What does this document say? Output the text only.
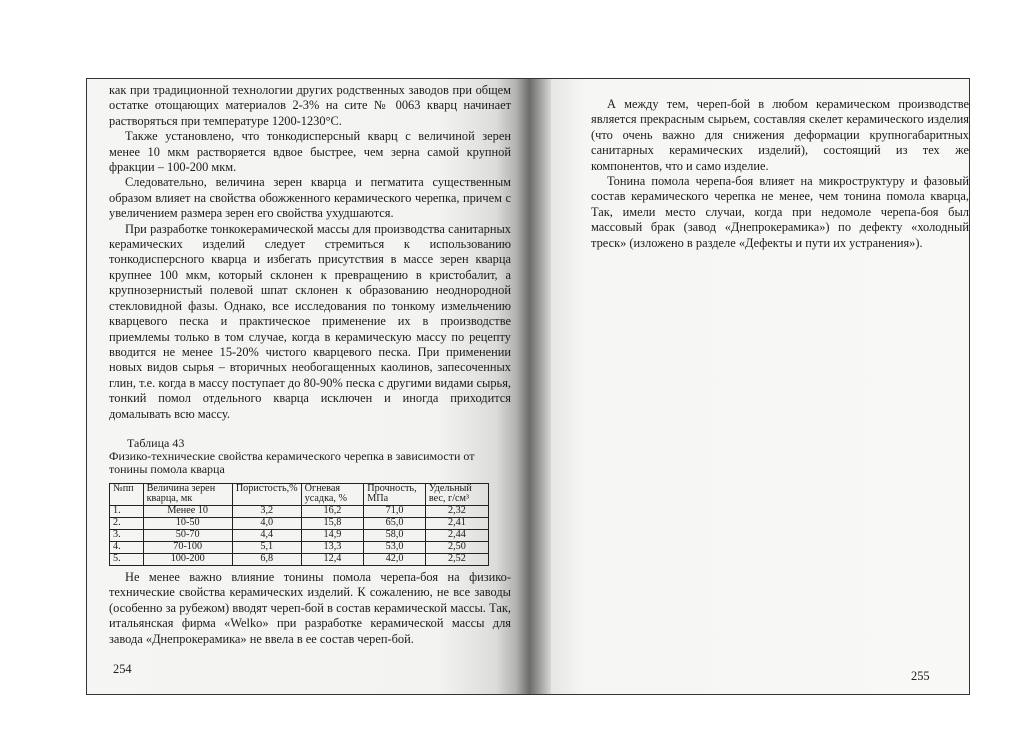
как при традиционной технологии других родственных заводов при общем остатке отощающих материалов 2-3% на сите № 0063 кварц начинает растворяться при температуре 1200-1230°С.

Также установлено, что тонкодисперсный кварц с величиной зерен менее 10 мкм растворяется вдвое быстрее, чем зерна самой крупной фракции – 100-200 мкм.

Следовательно, величина зерен кварца и пегматита существенным образом влияет на свойства обожженного керамического черепка, причем с увеличением размера зерен его свойства ухудшаются.

При разработке тонкокерамической массы для производства санитарных керамических изделий следует стремиться к использованию тонкодисперсного кварца и избегать присутствия в массе зерен кварца крупнее 100 мкм, который склонен к превращению в кристобалит, а крупнозернистый полевой шпат склонен к образованию неоднородной стекловидной фазы. Однако, все исследования по тонкому измельчению кварцевого песка и практическое применение их в производстве приемлемы только в том случае, когда в керамическую массу по рецепту вводится не менее 15-20% чистого кварцевого песка. При применении новых видов сырья – вторичных необогащенных каолинов, запесоченных глин, т.е. когда в массу поступает до 80-90% песка с другими видами сырья, тонкий помол отдельного кварца исключен и иногда приходится домалывать всю массу.

Таблица 43
Физико-технические свойства керамического черепка в зависимости от тонины помола кварца
№пп	Величина зерен кварца, мк	Пористость,%	Огневая усадка, %	Прочность, МПа	Удельный вес, г/см³
1.	Менее 10	3,2	16,2	71,0	2,32
2.	10-50	4,0	15,8	65,0	2,41
3.	50-70	4,4	14,9	58,0	2,44
4.	70-100	5,1	13,3	53,0	2,50
5.	100-200	6,8	12,4	42,0	2,52

Не менее важно влияние тонины помола черепа-боя на физико-технические свойства керамических изделий. К сожалению, не все заводы (особенно за рубежом) вводят череп-бой в состав керамической массы. Так, итальянская фирма «Welko» при разработке керамической массы для завода «Днепрокерамика» не ввела в ее состав череп-бой.

254

А между тем, череп-бой в любом керамическом производстве является прекрасным сырьем, составляя скелет керамического изделия (что очень важно для снижения деформации крупногабаритных санитарных керамических изделий), состоящий из тех же компонентов, что и само изделие.

Тонина помола черепа-боя влияет на микроструктуру и фазовый состав керамического черепка не менее, чем тонина помола кварца, Так, имели место случаи, когда при недомоле черепа-боя был массовый брак (завод «Днепрокерамика») по дефекту «холодный треск» (изложено в разделе «Дефекты и пути их устранения»).

255
